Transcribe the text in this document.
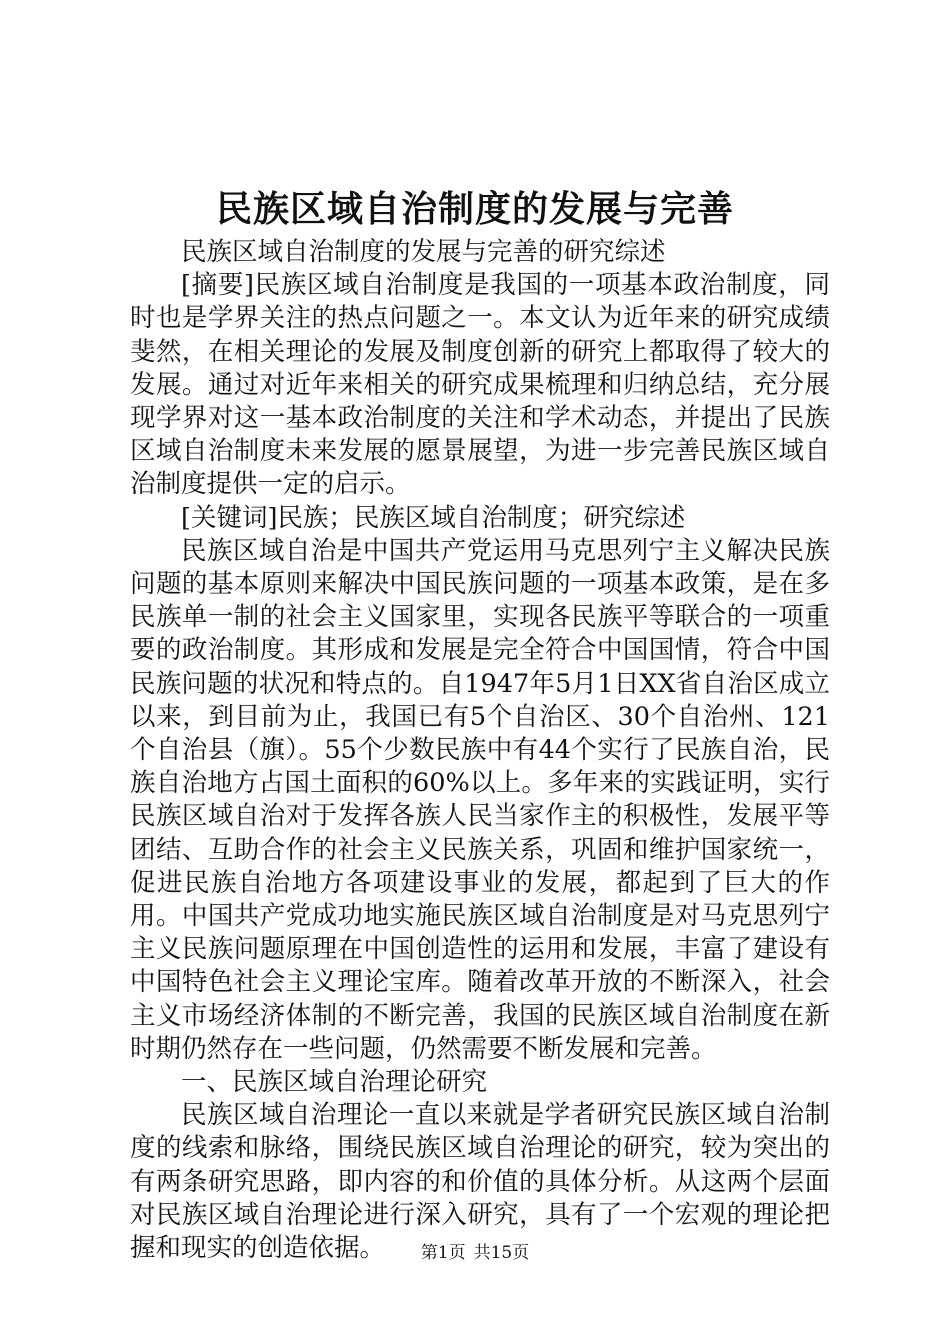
民族区域自治制度的发展与完善

民族区域自治制度的发展与完善的研究综述

[摘要]民族区域自治制度是我国的一项基本政治制度，同时也是学界关注的热点问题之一。本文认为近年来的研究成绩斐然，在相关理论的发展及制度创新的研究上都取得了较大的发展。通过对近年来相关的研究成果梳理和归纳总结，充分展现学界对这一基本政治制度的关注和学术动态，并提出了民族区域自治制度未来发展的愿景展望，为进一步完善民族区域自治制度提供一定的启示。

[关键词]民族；民族区域自治制度；研究综述

民族区域自治是中国共产党运用马克思列宁主义解决民族问题的基本原则来解决中国民族问题的一项基本政策，是在多民族单一制的社会主义国家里，实现各民族平等联合的一项重要的政治制度。其形成和发展是完全符合中国国情，符合中国民族问题的状况和特点的。自1947年5月1日XX省自治区成立以来，到目前为止，我国已有5个自治区、30个自治州、121个自治县（旗）。55个少数民族中有44个实行了民族自治，民族自治地方占国土面积的60%以上。多年来的实践证明，实行民族区域自治对于发挥各族人民当家作主的积极性，发展平等团结、互助合作的社会主义民族关系，巩固和维护国家统一，促进民族自治地方各项建设事业的发展，都起到了巨大的作用。中国共产党成功地实施民族区域自治制度是对马克思列宁主义民族问题原理在中国创造性的运用和发展，丰富了建设有中国特色社会主义理论宝库。随着改革开放的不断深入，社会主义市场经济体制的不断完善，我国的民族区域自治制度在新时期仍然存在一些问题，仍然需要不断发展和完善。

一、民族区域自治理论研究

民族区域自治理论一直以来就是学者研究民族区域自治制度的线索和脉络，围绕民族区域自治理论的研究，较为突出的有两条研究思路，即内容的和价值的具体分析。从这两个层面对民族区域自治理论进行深入研究，具有了一个宏观的理论把握和现实的创造依据。	第1页 共15页
